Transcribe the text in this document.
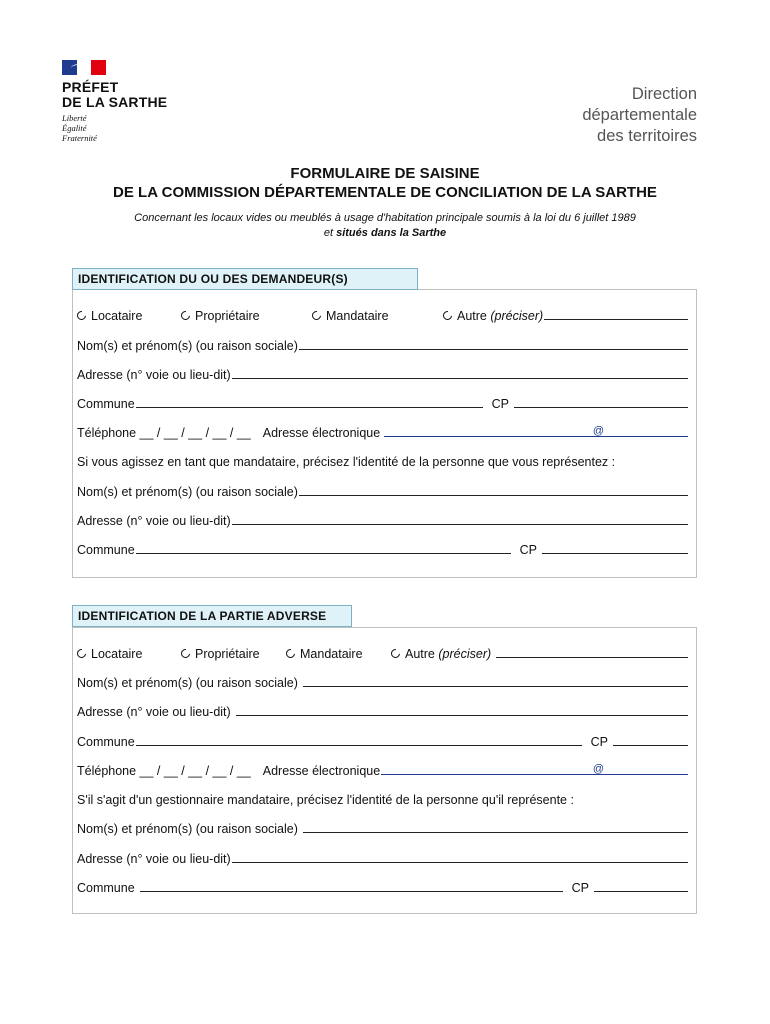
PRÉFET
DE LA SARTHE
Liberté
Égalité
Fraternité
Direction
départementale
des territoires
FORMULAIRE DE SAISINE
DE LA COMMISSION DÉPARTEMENTALE DE CONCILIATION DE LA SARTHE
Concernant les locaux vides ou meublés à usage d'habitation principale soumis à la loi du 6 juillet 1989
et situés dans la Sarthe
IDENTIFICATION DU OU DES DEMANDEUR(S)
Locataire	Propriétaire	Mandataire	Autre
(préciser)
Nom(s) et prénom(s) (ou raison sociale)
Adresse (n° voie ou lieu-dit)
Commune	CP
Téléphone __ / __ / __ / __ / __ Adresse électronique	@
Si vous agissez en tant que mandataire, précisez l'identité de la personne que vous représentez :
Nom(s) et prénom(s) (ou raison sociale)
Adresse (n° voie ou lieu-dit)
Commune	CP
IDENTIFICATION DE LA PARTIE ADVERSE
Locataire	Propriétaire	Mandataire	Autre
(préciser)
Nom(s) et prénom(s) (ou raison sociale)
Adresse (n° voie ou lieu-dit)
Commune	CP
Téléphone __ / __ / __ / __ / __ Adresse électronique	@
S'il s'agit d'un gestionnaire mandataire, précisez l'identité de la personne qu'il représente :
Nom(s) et prénom(s) (ou raison sociale)
Adresse (n° voie ou lieu-dit)
Commune	CP
